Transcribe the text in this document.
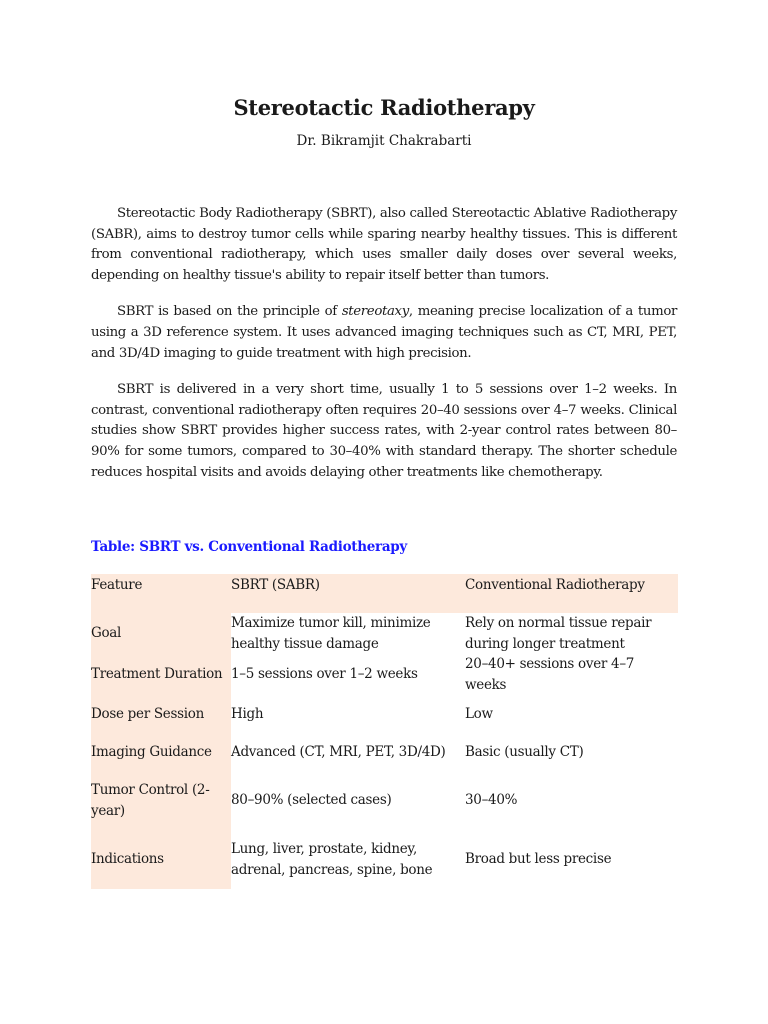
Stereotactic Radiotherapy
Dr. Bikramjit Chakrabarti

Stereotactic Body Radiotherapy (SBRT), also called Stereotactic Ablative Radiotherapy (SABR), aims to destroy tumor cells while sparing nearby healthy tissues. This is different from conventional radiotherapy, which uses smaller daily doses over several weeks, depending on healthy tissue's ability to repair itself better than tumors.

SBRT is based on the principle of stereotaxy, meaning precise localization of a tumor using a 3D reference system. It uses advanced imaging techniques such as CT, MRI, PET, and 3D/4D imaging to guide treatment with high precision.

SBRT is delivered in a very short time, usually 1 to 5 sessions over 1–2 weeks. In contrast, conventional radiotherapy often requires 20–40 sessions over 4–7 weeks. Clinical studies show SBRT provides higher success rates, with 2-year control rates between 80–90% for some tumors, compared to 30–40% with standard therapy. The shorter schedule reduces hospital visits and avoids delaying other treatments like chemotherapy.

Table: SBRT vs. Conventional Radiotherapy
Feature	SBRT (SABR)	Conventional Radiotherapy
Goal	Maximize tumor kill, minimize healthy tissue damage	Rely on normal tissue repair during longer treatment
Treatment Duration	1–5 sessions over 1–2 weeks	20–40+ sessions over 4–7 weeks
Dose per Session	High	Low
Imaging Guidance	Advanced (CT, MRI, PET, 3D/4D)	Basic (usually CT)
Tumor Control (2-year)	80–90% (selected cases)	30–40%
Indications	Lung, liver, prostate, kidney, adrenal, pancreas, spine, bone	Broad but less precise
